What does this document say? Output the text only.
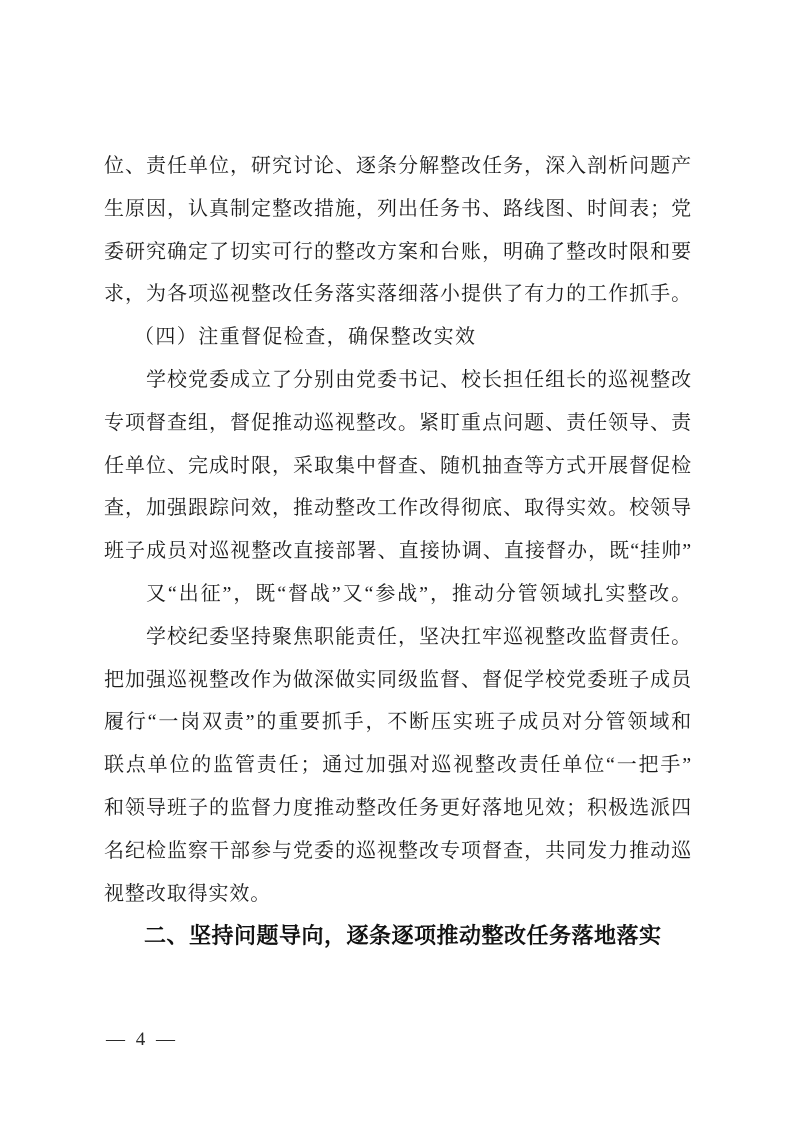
位、责任单位，研究讨论、逐条分解整改任务，深入剖析问题产
生原因，认真制定整改措施，列出任务书、路线图、时间表；党
委研究确定了切实可行的整改方案和台账，明确了整改时限和要
求，为各项巡视整改任务落实落细落小提供了有力的工作抓手。
（四）注重督促检查，确保整改实效
学校党委成立了分别由党委书记、校长担任组长的巡视整改
专项督查组，督促推动巡视整改。紧盯重点问题、责任领导、责
任单位、完成时限，采取集中督查、随机抽查等方式开展督促检
查，加强跟踪问效，推动整改工作改得彻底、取得实效。校领导
班子成员对巡视整改直接部署、直接协调、直接督办，既“挂帅”
又“出征”，既“督战”又“参战”，推动分管领域扎实整改。
学校纪委坚持聚焦职能责任，坚决扛牢巡视整改监督责任。
把加强巡视整改作为做深做实同级监督、督促学校党委班子成员
履行“一岗双责”的重要抓手，不断压实班子成员对分管领域和
联点单位的监管责任；通过加强对巡视整改责任单位“一把手”
和领导班子的监督力度推动整改任务更好落地见效；积极选派四
名纪检监察干部参与党委的巡视整改专项督查，共同发力推动巡
视整改取得实效。
二、坚持问题导向，逐条逐项推动整改任务落地落实
— 4 —
